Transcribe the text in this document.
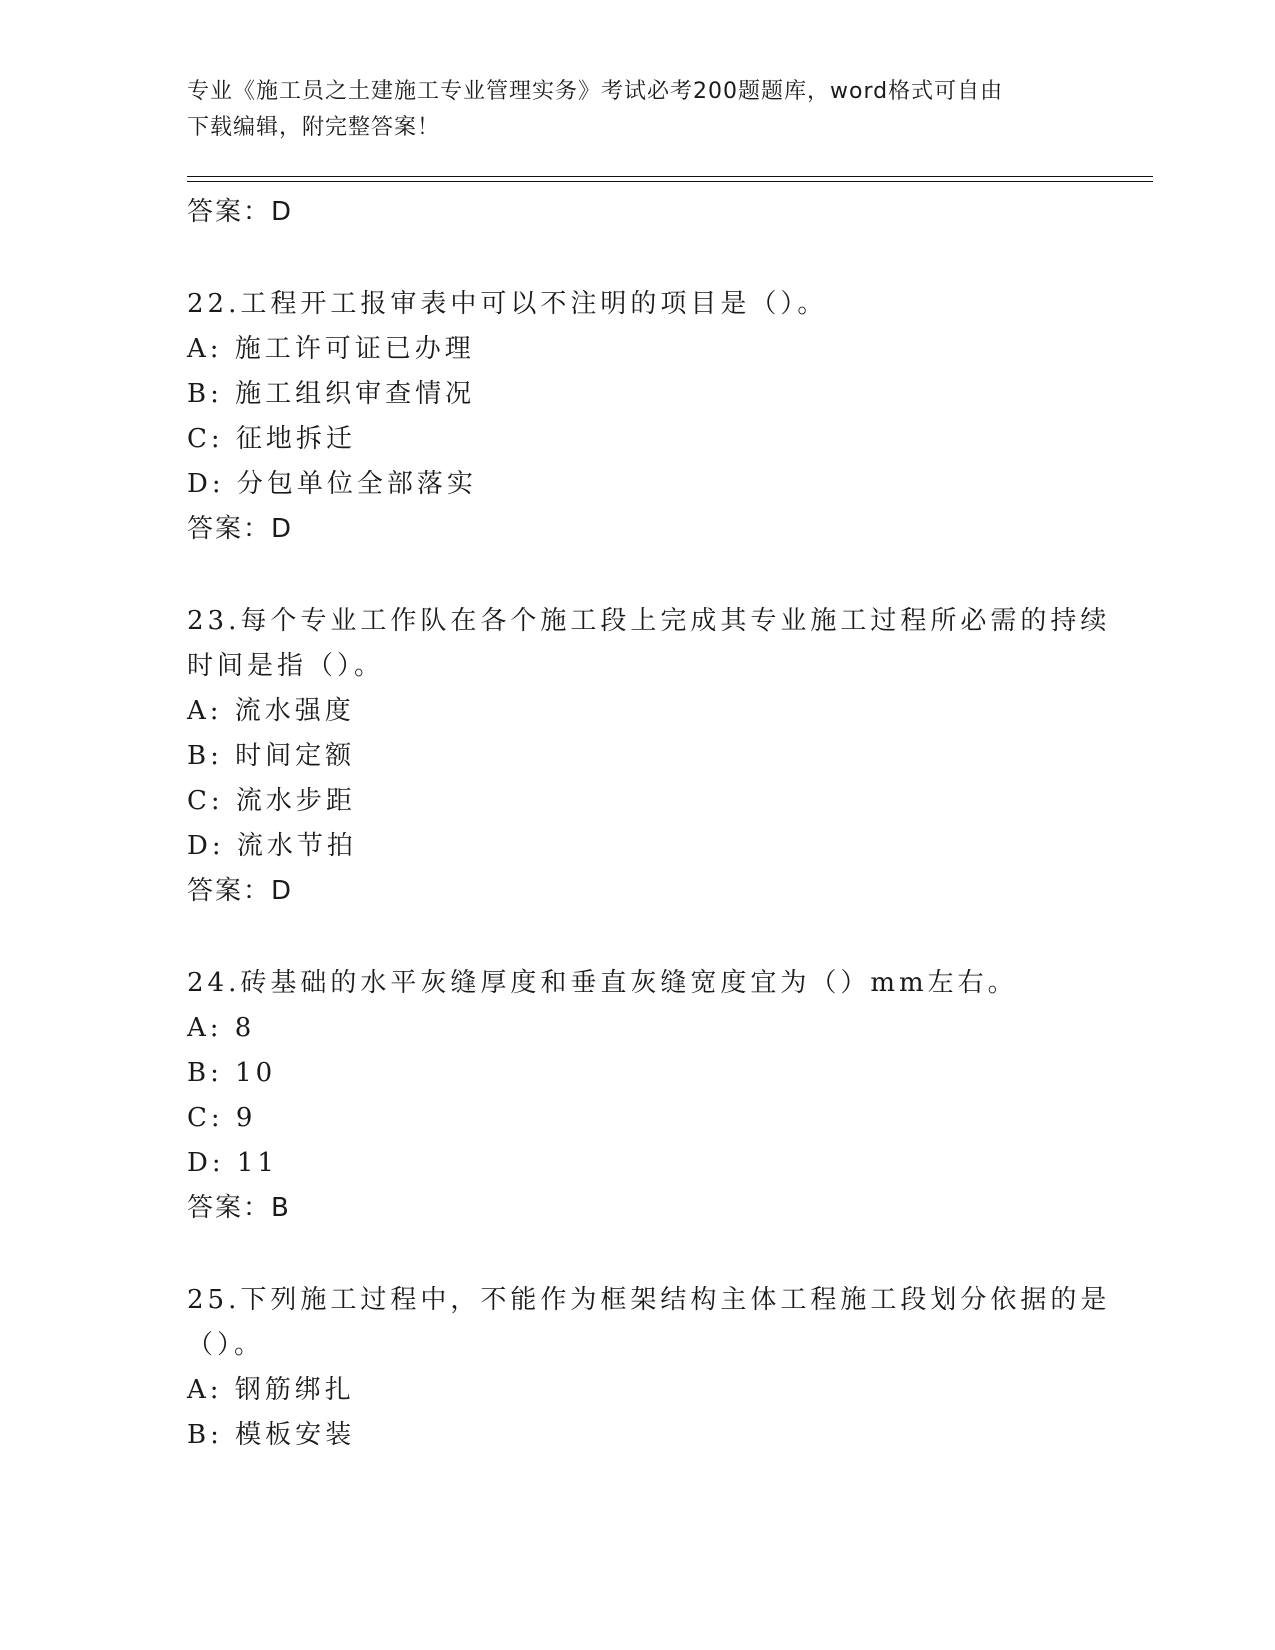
专业《施工员之土建施工专业管理实务》考试必考200题题库，word格式可自由
下载编辑，附完整答案！
答案：D
22.工程开工报审表中可以不注明的项目是（）。
A: 施工许可证已办理
B: 施工组织审查情况
C: 征地拆迁
D: 分包单位全部落实
答案：D
23.每个专业工作队在各个施工段上完成其专业施工过程所必需的持续
时间是指（）。
A: 流水强度
B: 时间定额
C: 流水步距
D: 流水节拍
答案：D
24.砖基础的水平灰缝厚度和垂直灰缝宽度宜为（）mm左右。
A: 8
B: 10
C: 9
D: 11
答案：B
25.下列施工过程中，不能作为框架结构主体工程施工段划分依据的是
（）。
A: 钢筋绑扎
B: 模板安装
